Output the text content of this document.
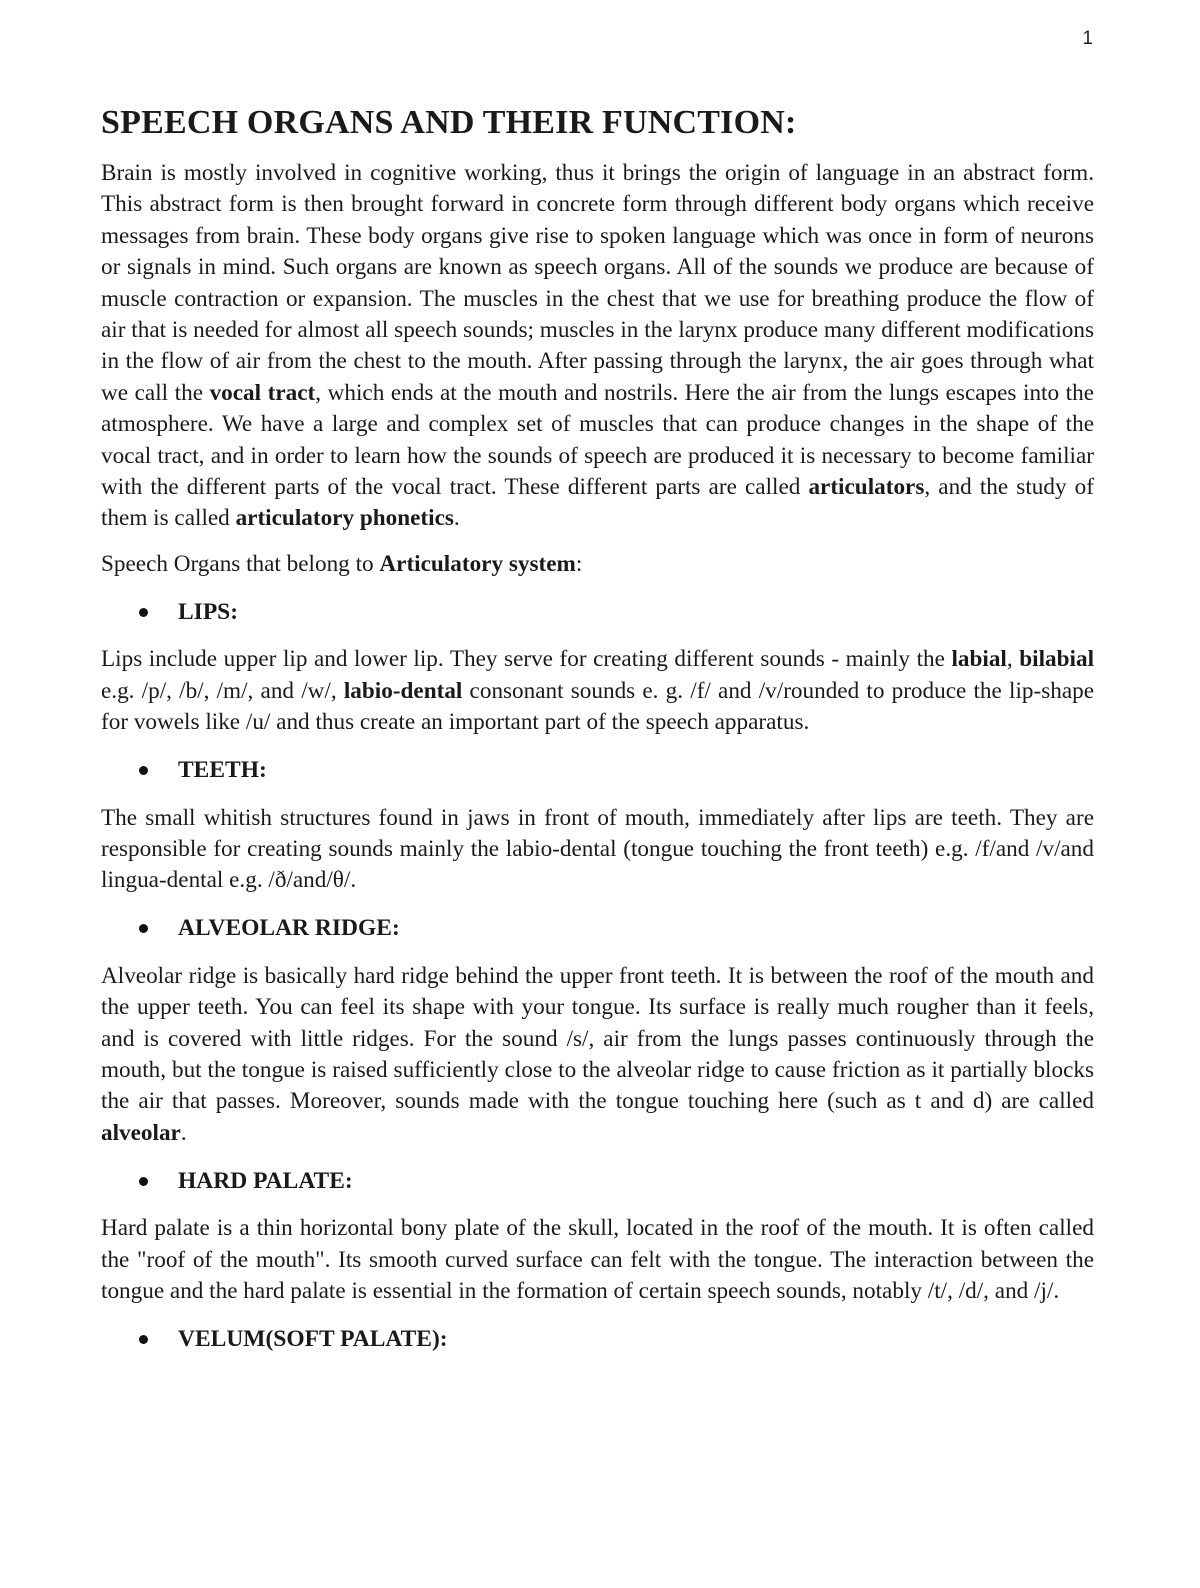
1
SPEECH ORGANS AND THEIR FUNCTION:

Brain is mostly involved in cognitive working, thus it brings the origin of language in an abstract form. This abstract form is then brought forward in concrete form through different body organs which receive messages from brain. These body organs give rise to spoken language which was once in form of neurons or signals in mind. Such organs are known as speech organs. All of the sounds we produce are because of muscle contraction or expansion. The muscles in the chest that we use for breathing produce the flow of air that is needed for almost all speech sounds; muscles in the larynx produce many different modifications in the flow of air from the chest to the mouth. After passing through the larynx, the air goes through what we call the vocal tract, which ends at the mouth and nostrils. Here the air from the lungs escapes into the atmosphere. We have a large and complex set of muscles that can produce changes in the shape of the vocal tract, and in order to learn how the sounds of speech are produced it is necessary to become familiar with the different parts of the vocal tract. These different parts are called articulators, and the study of them is called articulatory phonetics.

Speech Organs that belong to Articulatory system:

LIPS:

Lips include upper lip and lower lip. They serve for creating different sounds - mainly the labial, bilabial e.g. /p/, /b/, /m/, and /w/, labio-dental consonant sounds e. g. /f/ and /v/rounded to produce the lip-shape for vowels like /u/ and thus create an important part of the speech apparatus.

TEETH:

The small whitish structures found in jaws in front of mouth, immediately after lips are teeth. They are responsible for creating sounds mainly the labio-dental (tongue touching the front teeth) e.g. /f/and /v/and lingua-dental e.g. /ð/and/θ/.

ALVEOLAR RIDGE:

Alveolar ridge is basically hard ridge behind the upper front teeth. It is between the roof of the mouth and the upper teeth. You can feel its shape with your tongue. Its surface is really much rougher than it feels, and is covered with little ridges. For the sound /s/, air from the lungs passes continuously through the mouth, but the tongue is raised sufficiently close to the alveolar ridge to cause friction as it partially blocks the air that passes. Moreover, sounds made with the tongue touching here (such as t and d) are called alveolar.

HARD PALATE:

Hard palate is a thin horizontal bony plate of the skull, located in the roof of the mouth. It is often called the "roof of the mouth". Its smooth curved surface can felt with the tongue. The interaction between the tongue and the hard palate is essential in the formation of certain speech sounds, notably /t/, /d/, and /j/.

VELUM(SOFT PALATE):
